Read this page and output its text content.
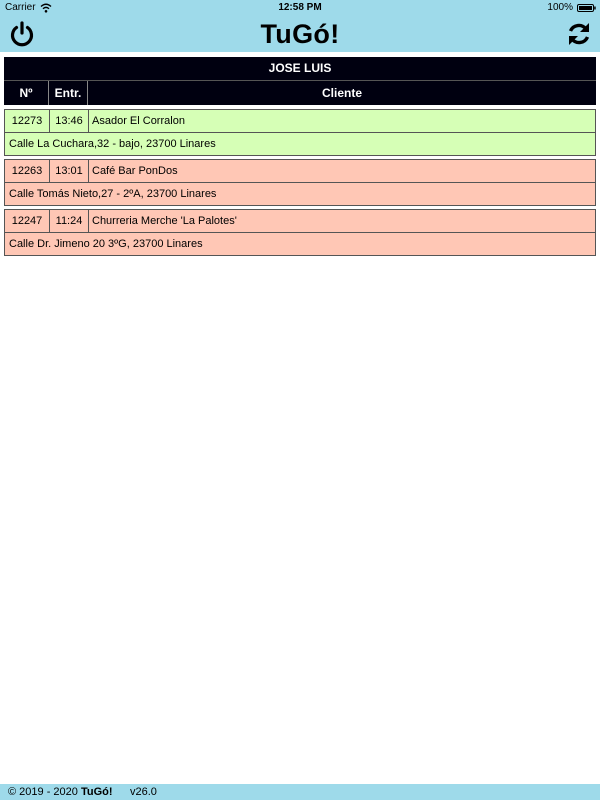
Carrier	12:58 PM	100%
TuGó!
JOSE LUIS
Nº	Entr.	Cliente
12273	13:46 Asador El Corralon
Calle La Cuchara,32 - bajo, 23700 Linares
12263	13:01 Café Bar PonDos
Calle Tomás Nieto,27 - 2ºA, 23700 Linares
12247	11:24 Churreria Merche 'La Palotes'
Calle Dr. Jimeno 20 3ºG, 23700 Linares
© 2019 - 2020 TuGó! v26.0
